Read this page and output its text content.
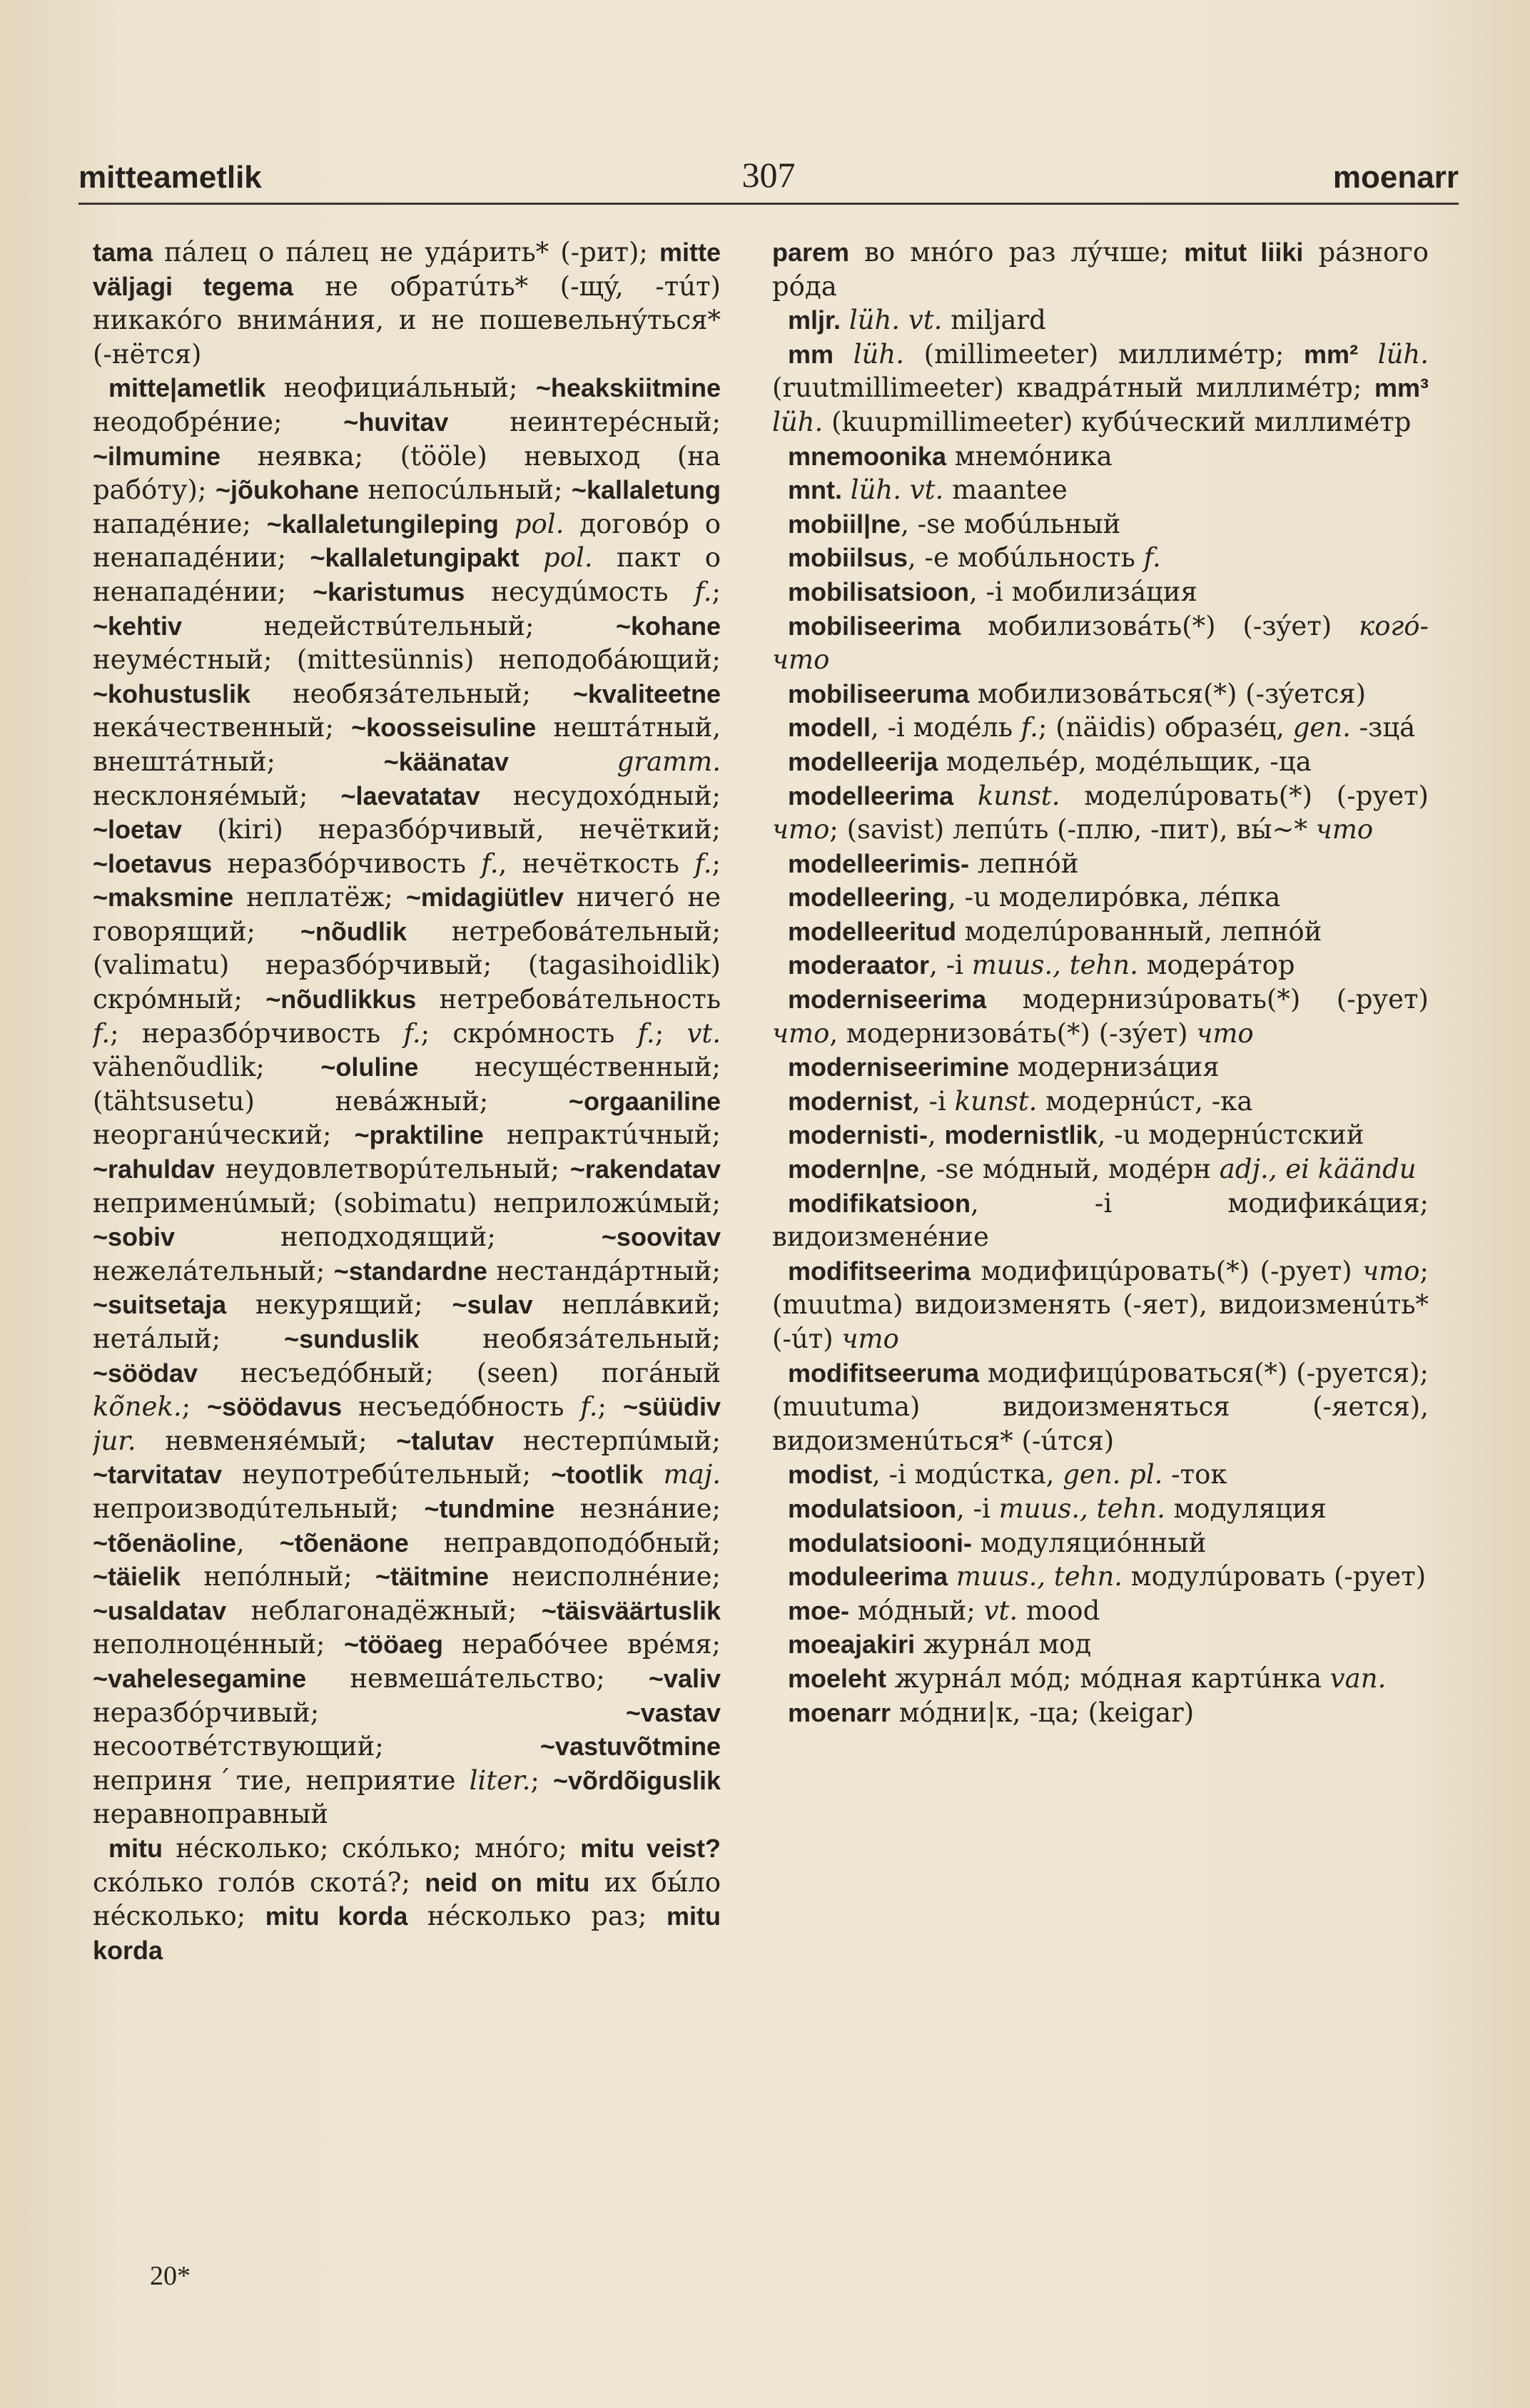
mitteametlik	307	moenarr

tama пáлец о пáлец не удáрить* (-рит); mitte väljagi tegema не обратúть* (-щý, -тúт) никакóго внимáния, и не пошевельнýться* (-нётся)

mitte|ametlik неофициáльный; ~heakskiitmine неодобрéние; ~huvitav неинтерéсный; ~ilmumine неявка; (tööle) невыход (на рабóту); ~jõukohane непосúльный; ~kallaletung нападéние; ~kallaletungileping pol. договóр о ненападéнии; ~kallaletungipakt pol. пакт о ненападéнии; ~karistumus несудúмость f.; ~kehtiv недействúтельный; ~kohane неумéстный; (mittesünnis) неподобáющий; ~kohustuslik необязáтельный; ~kvaliteetne некáчественный; ~koosseisuline нештáтный, внештáтный; ~käänatav	gramm. несклоняéмый; ~laevatatav несудохóдный; ~loetav (kiri) неразбóрчивый, нечёткий; ~loetavus неразбóрчивость f., нечёткость f.; ~maksmine неплатёж; ~midagiütlev ничегó не говорящий; ~nõudlik нетребовáтельный; (valimatu) неразбóрчивый; (tagasihoidlik) скрóмный; ~nõudlikkus нетребовáтельность f.; неразбóрчивость f.; скрóмность f.; vt. vähenõudlik; ~oluline несущéственный; (tähtsusetu) невáжный; ~orgaaniline неорганúческий; ~praktiline непрактúчный; ~rahuldav неудовлетворúтельный; ~rakendatav неприменúмый; (sobimatu) неприложúмый; ~sobiv неподходящий; ~soovitav нежелáтельный; ~standardne нестандáртный; ~suitsetaja некурящий; ~sulav неплáвкий; нетáлый; ~sunduslik необязáтельный; ~söödav несъедóбный; (seen) погáный kõnek.; ~söödavus несъедóбность f.; ~süüdiv jur. невменяéмый; ~talutav нестерпúмый; ~tarvitatav неупотребúтельный; ~tootlik maj. непроизводúтельный; ~tundmine незнáние; ~tõenäoline, ~tõenäone неправдоподóбный; ~täielik непóлный; ~täitmine неисполнéние; ~usaldatav неблагонадёжный; ~täisväärtuslik неполноцéнный; ~tööaeg нерабóчее врéмя; ~vahelesegamine невмешáтельство; ~valiv неразбóрчивый; ~vastav несоотвéтствующий; ~vastuvõtmine неприняˊтие, неприятие liter.; ~võrdõiguslik неравноправный

mitu нéсколько; скóлько; мнóго; mitu veist? скóлько голóв скотá?; neid on mitu их бы́ло нéсколько; mitu korda нéсколько раз; mitu korda

parem во мнóго раз лýчше; mitut liiki рáзного рóда

mljr. lüh. vt. miljard

mm lüh. (millimeeter) миллимéтр; mm² lüh. (ruutmillimeeter) квадрáтный миллимéтр; mm³ lüh. (kuupmillimeeter) кубúческий миллимéтр

mnemoonika мнемóника

mnt. lüh. vt. maantee

mobiil|ne, -se мобúльный

mobiilsus, -e мобúльность f.

mobilisatsioon, -i мобилизáция

mobiliseerima мобилизовáть(*) (-зýет) когó-что

mobiliseeruma мобилизовáться(*) (-зýется)

modell, -i модéль f.; (näidis) образéц, gen. -зцá

modelleerija модельéр, модéльщик, -ца

modelleerima kunst. моделúровать(*) (-рует) что; (savist) лепúть (-плю, -пит), вы́~* что

modelleerimis- лепнóй

modelleering, -u моделирóвка, лéпка

modelleeritud моделúрованный, лепнóй

moderaator, -i muus., tehn. модерáтор

moderniseerima модернизúровать(*) (-рует) что, модернизовáть(*) (-зýет) что

moderniseerimine модернизáция

modernist, -i kunst. модернúст, -ка

modernisti-, modernistlik, -u модернúстский

modern|ne, -se мóдный, модéрн adj., ei käändu

modifikatsioon, -i модификáция; видоизменéние

modifitseerima модифицúровать(*) (-рует) что; (muutma) видоизменять (-яет), видоизменúть* (-úт) что

modifitseeruma модифицúроваться(*) (-руется); (muutuma) видоизменяться (-яется), видоизменúться* (-úтся)

modist, -i модúстка, gen. pl. -ток

modulatsioon, -i muus., tehn. модуляция

modulatsiooni- модуляциóнный

moduleerima muus., tehn. модулúровать (-рует)

moe- мóдный; vt. mood

moeajakiri журнáл мод

moeleht журнáл мóд; мóдная картúнка van.

moenarr мóдни|к, -ца; (keigar)

20*
